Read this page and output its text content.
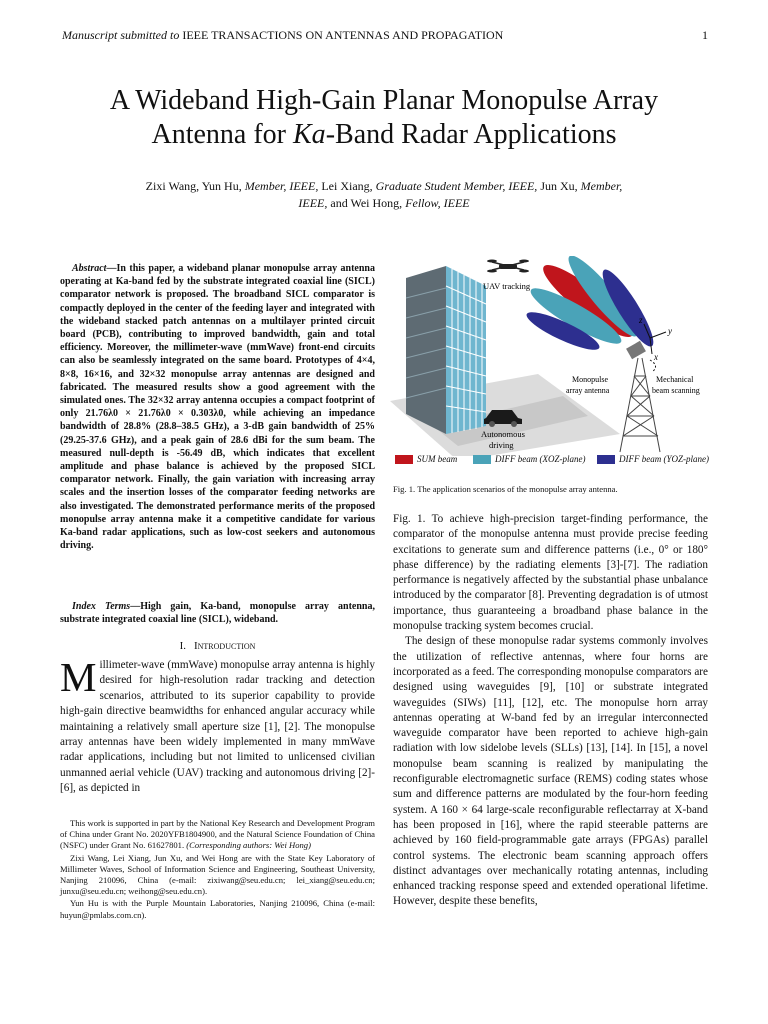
Manuscript submitted to IEEE TRANSACTIONS ON ANTENNAS AND PROPAGATION	1
A Wideband High-Gain Planar Monopulse Array
Antenna for Ka-Band Radar Applications
Zixi Wang, Yun Hu, Member, IEEE, Lei Xiang, Graduate Student Member, IEEE, Jun Xu, Member,
IEEE, and Wei Hong, Fellow, IEEE
Abstract—In this paper, a wideband planar monopulse array antenna operating at Ka-band fed by the substrate integrated coaxial line (SICL) comparator network is proposed. The broadband SICL comparator is compactly deployed in the center of the feeding layer and integrated with the wideband stacked patch antennas on a multilayer printed circuit board (PCB), contributing to improved bandwidth, gain and total efficiency. Moreover, the millimeter-wave (mmWave) front-end circuits can also be seamlessly integrated on the same board. Prototypes of 4×4, 8×8, 16×16, and 32×32 monopulse array antennas are designed and fabricated. The measured results show a good agreement with the simulated ones. The 32×32 array antenna occupies a compact footprint of only 21.76λ0 × 21.76λ0 × 0.303λ0, while achieving an impedance bandwidth of 28.8% (28.8–38.5 GHz), a 3-dB gain bandwidth of 25% (29.25-37.6 GHz), and a peak gain of 28.6 dBi for the sum beam. The measured null-depth is -56.49 dB, which indicates that excellent amplitude and phase balance is achieved by the proposed SICL comparator network. Finally, the gain variation with increasing array scales and the insertion losses of the comparator feeding networks are also investigated. The demonstrated performance merits of the proposed monopulse array antenna make it a competitive candidate for various Ka-band radar applications, such as low-cost seekers and autonomous driving.
Index Terms—High gain, Ka-band, monopulse array antenna, substrate integrated coaxial line (SICL), wideband.
I. Introduction
Millimeter-wave (mmWave) monopulse array antenna is highly desired for high-resolution radar tracking and detection scenarios, attributed to its superior capability to provide high-gain directive beamwidths for enhanced angular accuracy while maintaining a relatively small aperture size [1], [2]. The monopulse array antennas have been widely implemented in many mmWave radar applications, including but not limited to unlicensed civilian unmanned aerial vehicle (UAV) tracking and autonomous driving [2]-[6], as depicted in

This work is supported in part by the National Key Research and Development Program of China under Grant No. 2020YFB1804900, and the Natural Science Foundation of China (NSFC) under Grant No. 61627801. (Corresponding authors: Wei Hong)

Zixi Wang, Lei Xiang, Jun Xu, and Wei Hong are with the State Key Laboratory of Millimeter Waves, School of Information Science and Engineering, Southeast University, Nanjing 210096, China (e-mail: zixiwang@seu.edu.cn; lei_xiang@seu.edu.cn; junxu@seu.edu.cn; weihong@seu.edu.cn).

Yun Hu is with the Purple Mountain Laboratories, Nanjing 210096, China (e-mail: huyun@pmlabs.com.cn).

UAV tracking
Autonomous
driving
z
y
x
Monopulse
array antenna
Mechanical
beam scanning
SUM beam	DIFF beam (XOZ-plane)	DIFF beam (YOZ-plane)
Fig. 1. The application scenarios of the monopulse array antenna.

Fig. 1. To achieve high-precision target-finding performance, the comparator of the monopulse antenna must provide precise feeding excitations to generate sum and difference patterns (i.e., 0° or 180° phase difference) by the radiating elements [3]-[7]. The radiation performance is negatively affected by the substantial phase unbalance introduced by the comparator [8]. Preventing degradation is of utmost importance, thus guaranteeing a broadband phase balance in the monopulse tracking system becomes crucial.

The design of these monopulse radar systems commonly involves the utilization of reflective antennas, where four horns are incorporated as a feed. The corresponding monopulse comparators are designed using waveguides [9], [10] or substrate integrated waveguides (SIWs) [11], [12], etc. The monopulse horn array antennas operating at W-band fed by an irregular interconnected waveguide comparator have been reported to achieve high-gain radiation with low sidelobe levels (SLLs) [13], [14]. In [15], a novel monopulse beam scanning is realized by manipulating the reconfigurable electromagnetic surface (REMS) coding states whose sum and difference patterns are modulated by the four-horn feeding system. A 160 × 64 large-scale reconfigurable reflectarray at X-band has been proposed in [16], where the rapid steerable patterns are achieved by 160 field-programmable gate arrays (FPGAs) parallel control systems. The electronic beam scanning approach offers distinct advantages over mechanically rotating antennas, including enhanced tracking response speed and extended operational lifetime. However, despite these benefits,
